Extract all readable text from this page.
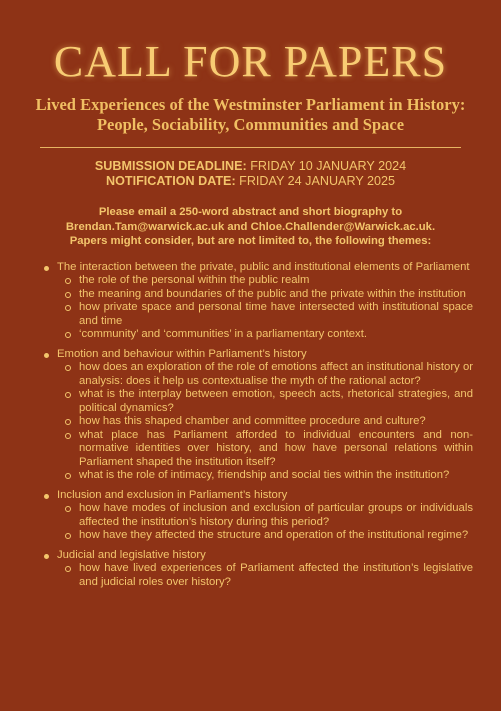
CALL FOR PAPERS
Lived Experiences of the Westminster Parliament in History: People, Sociability, Communities and Space
SUBMISSION DEADLINE: FRIDAY 10 JANUARY 2024
NOTIFICATION DATE: FRIDAY 24 JANUARY 2025
Please email a 250-word abstract and short biography to
Brendan.Tam@warwick.ac.uk and Chloe.Challender@Warwick.ac.uk.
Papers might consider, but are not limited to, the following themes:
The interaction between the private, public and institutional elements of Parliament
the role of the personal within the public realm
the meaning and boundaries of the public and the private within the institution
how private space and personal time have intersected with institutional space and time
‘community’ and ‘communities’ in a parliamentary context.
Emotion and behaviour within Parliament’s history
how does an exploration of the role of emotions affect an institutional history or analysis: does it help us contextualise the myth of the rational actor?
what is the interplay between emotion, speech acts, rhetorical strategies, and political dynamics?
how has this shaped chamber and committee procedure and culture?
what place has Parliament afforded to individual encounters and non-normative identities over history, and how have personal relations within Parliament shaped the institution itself?
what is the role of intimacy, friendship and social ties within the institution?
Inclusion and exclusion in Parliament’s history
how have modes of inclusion and exclusion of particular groups or individuals affected the institution’s history during this period?
how have they affected the structure and operation of the institutional regime?
Judicial and legislative history
how have lived experiences of Parliament affected the institution’s legislative and judicial roles over history?
